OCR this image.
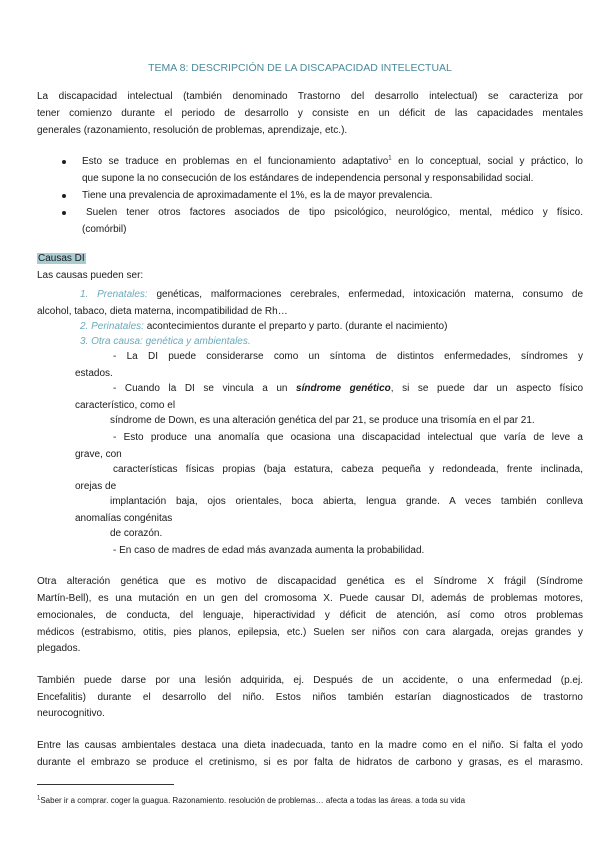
TEMA 8: DESCRIPCIÓN DE LA DISCAPACIDAD INTELECTUAL
La discapacidad intelectual (también denominado Trastorno del desarrollo intelectual) se caracteriza por
tener comienzo durante el periodo de desarrollo y consiste en un déficit de las capacidades mentales
generales (razonamiento, resolución de problemas, aprendizaje, etc.).
Esto se traduce en problemas en el funcionamiento adaptativo$^1$ en lo conceptual, social y práctico, lo
que supone la no consecución de los estándares de independencia personal y responsabilidad social.
Tiene una prevalencia de aproximadamente el 1%, es la de mayor prevalencia.
Suelen tener otros factores asociados de tipo psicológico, neurológico, mental, médico y físico.
(comórbil)
Causas DI
Las causas pueden ser:
1. Prenatales: genéticas, malformaciones cerebrales, enfermedad, intoxicación materna, consumo de
alcohol, tabaco, dieta materna, incompatibilidad de Rh…
2. Perinatales: acontecimientos durante el preparto y parto. (durante el nacimiento)
3. Otra causa: genética y ambientales.
- La DI puede considerarse como un síntoma de distintos enfermedades, síndromes y
estados.
- Cuando la DI se vincula a un síndrome genético, si se puede dar un aspecto físico
característico, como el
síndrome de Down, es una alteración genética del par 21, se produce una trisomía en el par 21.
- Esto produce una anomalía que ocasiona una discapacidad intelectual que varía de leve a
grave, con
características físicas propias (baja estatura, cabeza pequeña y redondeada, frente inclinada,
orejas de
implantación baja, ojos orientales, boca abierta, lengua grande. A veces también conlleva
anomalías congénitas
de corazón.
- En caso de madres de edad más avanzada aumenta la probabilidad.
Otra alteración genética que es motivo de discapacidad genética es el Síndrome X frágil (Síndrome
Martín-Bell), es una mutación en un gen del cromosoma X. Puede causar DI, además de problemas motores,
emocionales, de conducta, del lenguaje, hiperactividad y déficit de atención, así como otros problemas
médicos (estrabismo, otitis, pies planos, epilepsia, etc.) Suelen ser niños con cara alargada, orejas grandes y
plegados.
También puede darse por una lesión adquirida, ej. Después de un accidente, o una enfermedad (p.ej.
Encefalitis) durante el desarrollo del niño. Estos niños también estarían diagnosticados de trastorno
neurocognitivo.
Entre las causas ambientales destaca una dieta inadecuada, tanto en la madre como en el niño. Si falta el yodo
durante el embrazo se produce el cretinismo, si es por falta de hidratos de carbono y grasas, es el marasmo.
$^1$Saber ir a comprar. coger la guagua. Razonamiento. resolución de problemas… afecta a todas las áreas. a toda su vida
